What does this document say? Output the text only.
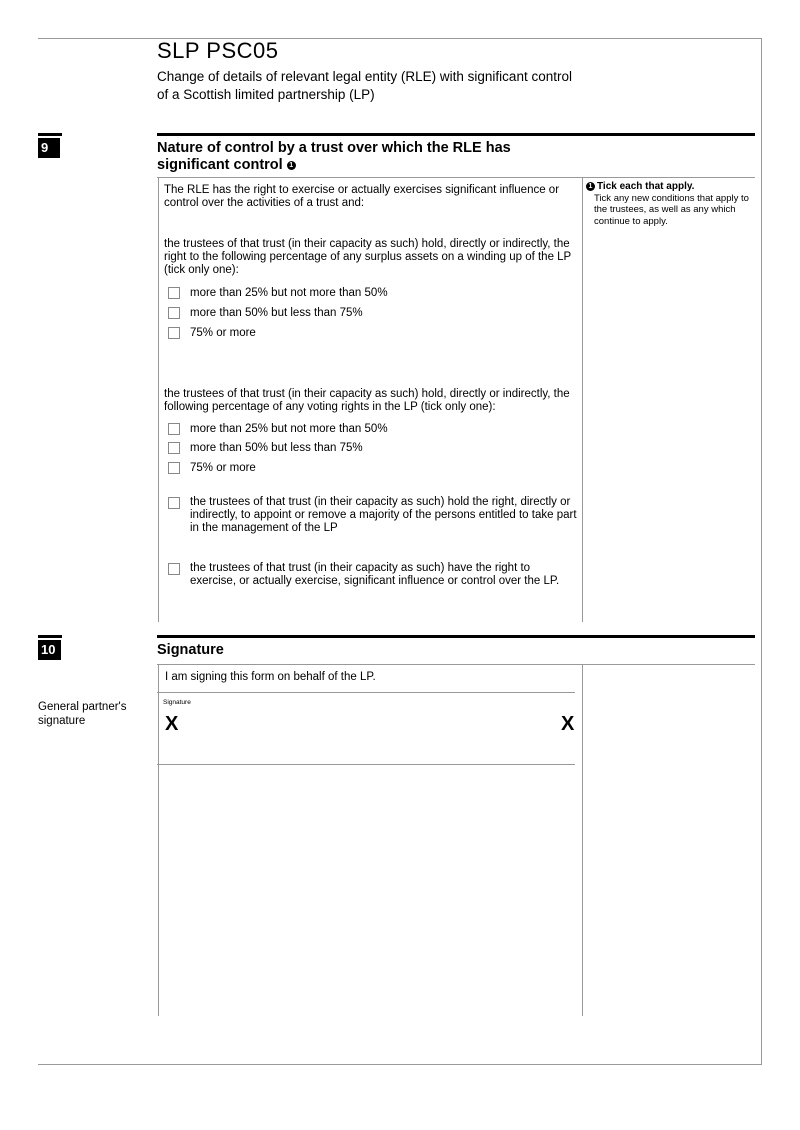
SLP PSC05
Change of details of relevant legal entity (RLE) with significant control
of a Scottish limited partnership (LP)
9	Nature of control by a trust over which the RLE has
significant control 1
The RLE has the right to exercise or actually exercises significant influence or control over the activities of a trust and:
the trustees of that trust (in their capacity as such) hold, directly or indirectly, the right to the following percentage of any surplus assets on a winding up of the LP (tick only one):
more than 25% but not more than 50%
more than 50% but less than 75%
75% or more
the trustees of that trust (in their capacity as such) hold, directly or indirectly, the following percentage of any voting rights in the LP (tick only one):
more than 25% but not more than 50%
more than 50% but less than 75%
75% or more
the trustees of that trust (in their capacity as such) hold the right, directly or indirectly, to appoint or remove a majority of the persons entitled to take part in the management of the LP
the trustees of that trust (in their capacity as such) have the right to exercise, or actually exercise, significant influence or control over the LP.
1 Tick each that apply.
Tick any new conditions that apply to the trustees, as well as any which continue to apply.
10	Signature
I am signing this form on behalf of the LP.
General partner's signature
Signature
X	X
